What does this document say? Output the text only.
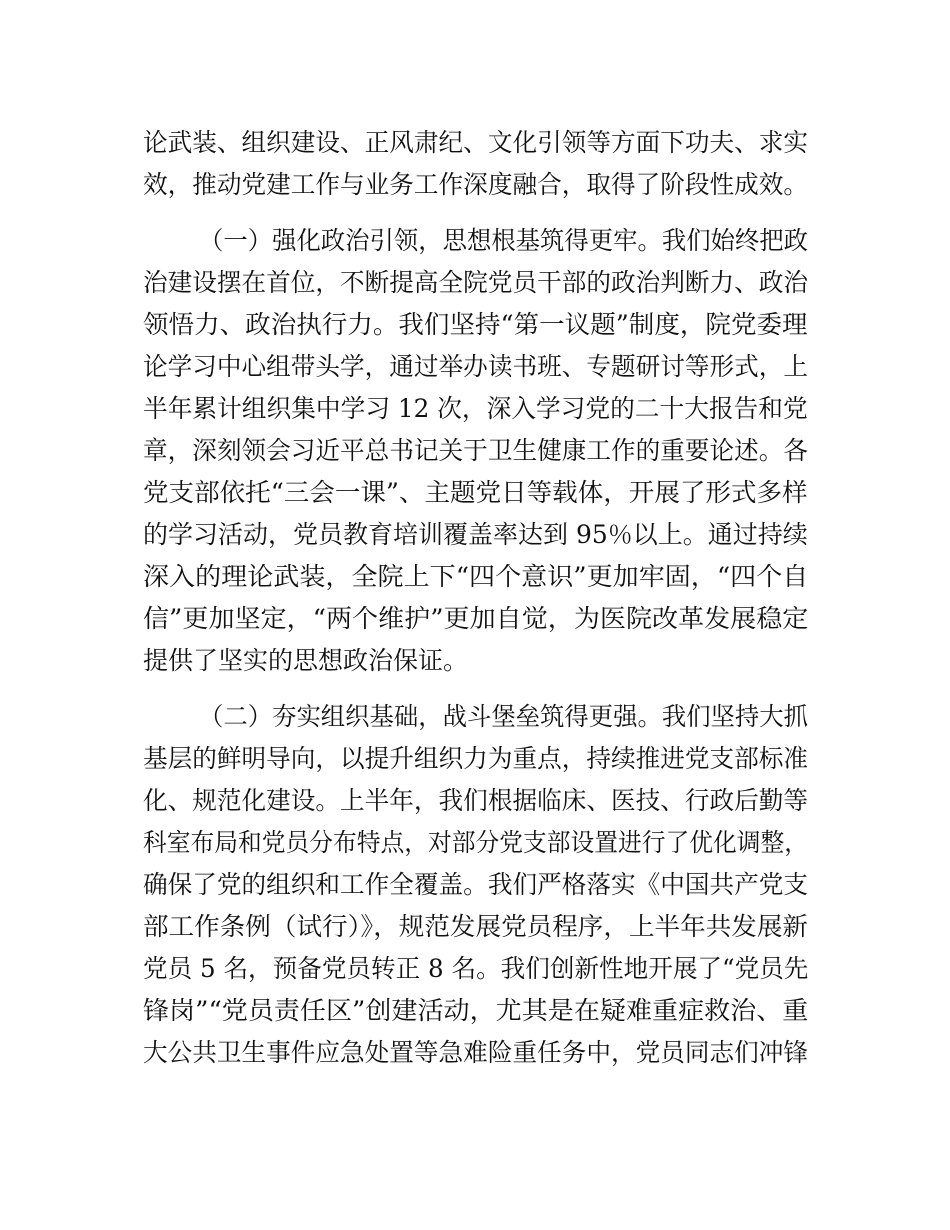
论武装、组织建设、正风肃纪、文化引领等方面下功夫、求实
效，推动党建工作与业务工作深度融合，取得了阶段性成效。
（一）强化政治引领，思想根基筑得更牢。我们始终把政
治建设摆在首位，不断提高全院党员干部的政治判断力、政治
领悟力、政治执行力。我们坚持“第一议题”制度，院党委理
论学习中心组带头学，通过举办读书班、专题研讨等形式，上
半年累计组织集中学习 12 次，深入学习党的二十大报告和党
章，深刻领会习近平总书记关于卫生健康工作的重要论述。各
党支部依托“三会一课”、主题党日等载体，开展了形式多样
的学习活动，党员教育培训覆盖率达到 95％以上。通过持续
深入的理论武装，全院上下“四个意识”更加牢固，“四个自
信”更加坚定，“两个维护”更加自觉，为医院改革发展稳定
提供了坚实的思想政治保证。
（二）夯实组织基础，战斗堡垒筑得更强。我们坚持大抓
基层的鲜明导向，以提升组织力为重点，持续推进党支部标准
化、规范化建设。上半年，我们根据临床、医技、行政后勤等
科室布局和党员分布特点，对部分党支部设置进行了优化调整，
确保了党的组织和工作全覆盖。我们严格落实《中国共产党支
部工作条例（试行）》，规范发展党员程序，上半年共发展新
党员 5 名，预备党员转正 8 名。我们创新性地开展了“党员先
锋岗”“党员责任区”创建活动，尤其是在疑难重症救治、重
大公共卫生事件应急处置等急难险重任务中，党员同志们冲锋
